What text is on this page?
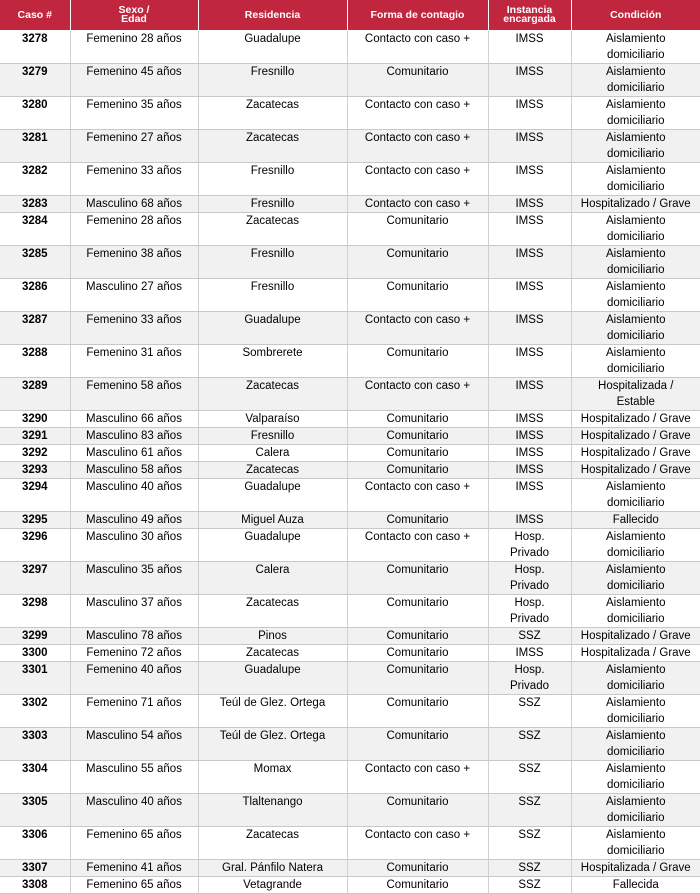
Caso #	Sexo /
Edad	Residencia	Forma de contagio	Instancia
encargada	Condición
3278	Femenino 28 años	Guadalupe	Contacto con caso +	IMSS	Aislamiento
domiciliario
3279	Femenino 45 años	Fresnillo	Comunitario	IMSS	Aislamiento
domiciliario
3280	Femenino 35 años	Zacatecas	Contacto con caso +	IMSS	Aislamiento
domiciliario
3281	Femenino 27 años	Zacatecas	Contacto con caso +	IMSS	Aislamiento
domiciliario
3282	Femenino 33 años	Fresnillo	Contacto con caso +	IMSS	Aislamiento
domiciliario
3283	Masculino 68 años	Fresnillo	Contacto con caso +	IMSS	Hospitalizado / Grave
3284	Femenino 28 años	Zacatecas	Comunitario	IMSS	Aislamiento
domiciliario
3285	Femenino 38 años	Fresnillo	Comunitario	IMSS	Aislamiento
domiciliario
3286	Masculino 27 años	Fresnillo	Comunitario	IMSS	Aislamiento
domiciliario
3287	Femenino 33 años	Guadalupe	Contacto con caso +	IMSS	Aislamiento
domiciliario
3288	Femenino 31 años	Sombrerete	Comunitario	IMSS	Aislamiento
domiciliario
3289	Femenino 58 años	Zacatecas	Contacto con caso +	IMSS	Hospitalizada /
Estable
3290	Masculino 66 años	Valparaíso	Comunitario	IMSS	Hospitalizado / Grave
3291	Masculino 83 años	Fresnillo	Comunitario	IMSS	Hospitalizado / Grave
3292	Masculino 61 años	Calera	Comunitario	IMSS	Hospitalizado / Grave
3293	Masculino 58 años	Zacatecas	Comunitario	IMSS	Hospitalizado / Grave
3294	Masculino 40 años	Guadalupe	Contacto con caso +	IMSS	Aislamiento
domiciliario
3295	Masculino 49 años	Miguel Auza	Comunitario	IMSS	Fallecido
3296	Masculino 30 años	Guadalupe	Contacto con caso +	Hosp.
Privado	Aislamiento
domiciliario
3297	Masculino 35 años	Calera	Comunitario	Hosp.
Privado	Aislamiento
domiciliario
3298	Masculino 37 años	Zacatecas	Comunitario	Hosp.
Privado	Aislamiento
domiciliario
3299	Masculino 78 años	Pinos	Comunitario	SSZ	Hospitalizado / Grave
3300	Femenino 72 años	Zacatecas	Comunitario	IMSS	Hospitalizada / Grave
3301	Femenino 40 años	Guadalupe	Comunitario	Hosp.
Privado	Aislamiento
domiciliario
3302	Femenino 71 años	Teúl de Glez. Ortega	Comunitario	SSZ	Aislamiento
domiciliario
3303	Masculino 54 años	Teúl de Glez. Ortega	Comunitario	SSZ	Aislamiento
domiciliario
3304	Masculino 55 años	Momax	Contacto con caso +	SSZ	Aislamiento
domiciliario
3305	Masculino 40 años	Tlaltenango	Comunitario	SSZ	Aislamiento
domiciliario
3306	Femenino 65 años	Zacatecas	Contacto con caso +	SSZ	Aislamiento
domiciliario
3307	Femenino 41 años	Gral. Pánfilo Natera	Comunitario	SSZ	Hospitalizada / Grave
3308	Femenino 65 años	Vetagrande	Comunitario	SSZ	Fallecida
